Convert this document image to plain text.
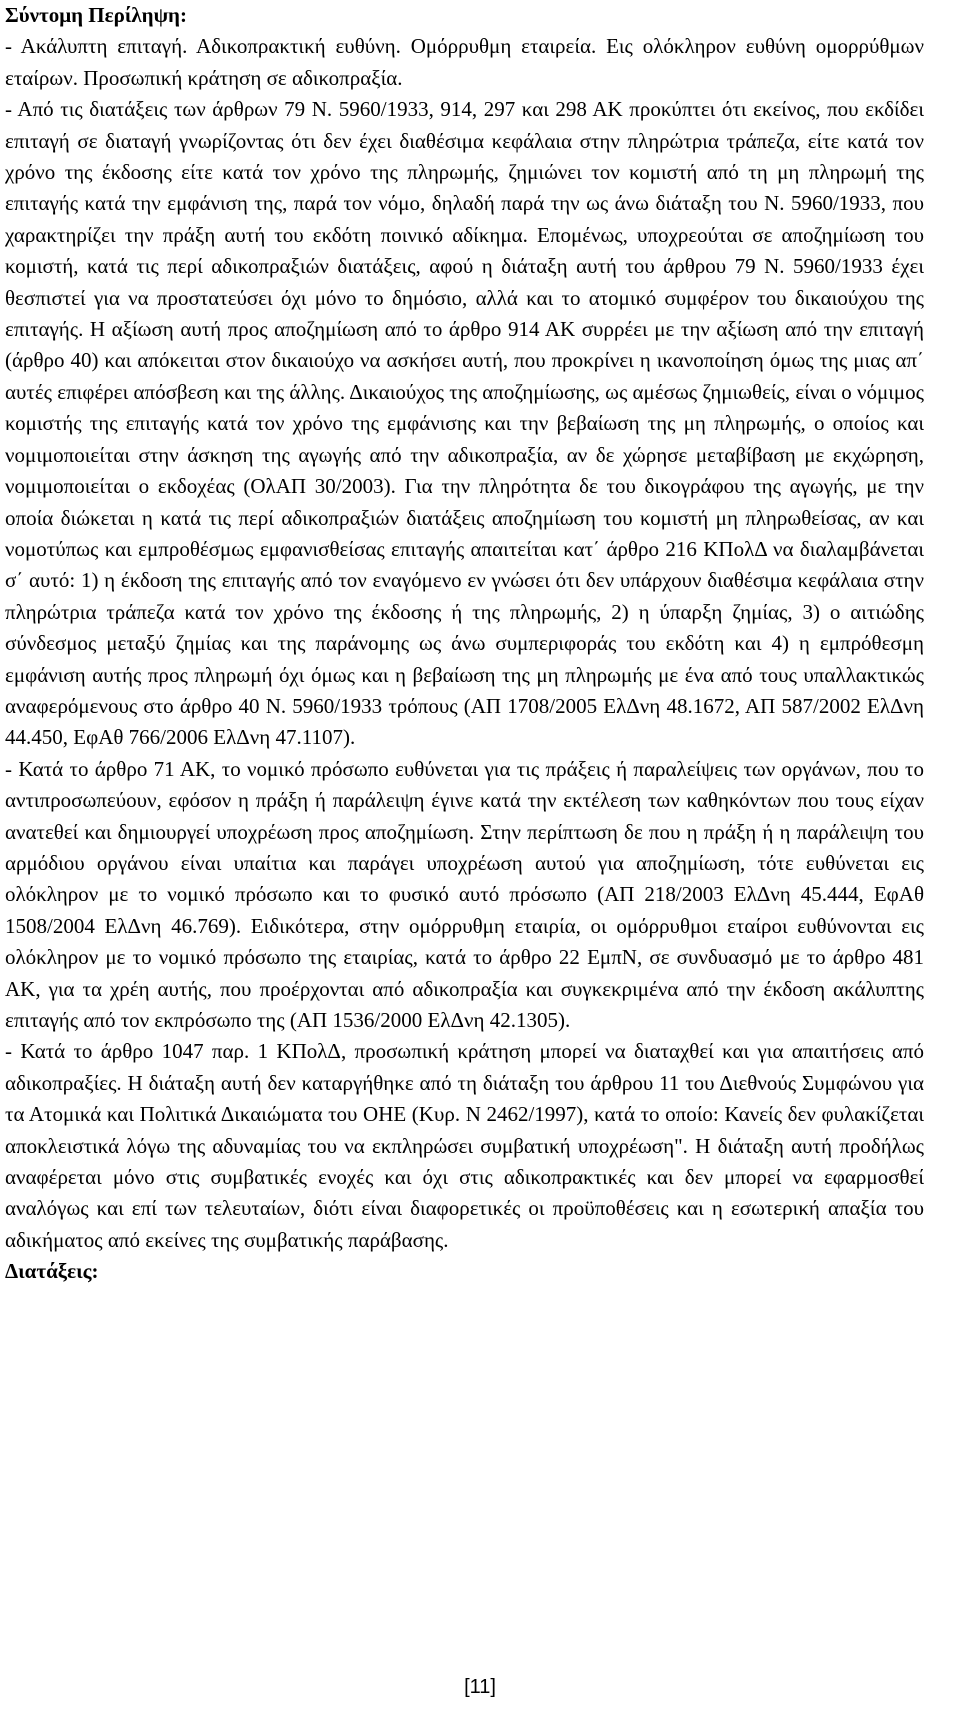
Σύντομη Περίληψη:

- Ακάλυπτη επιταγή. Αδικοπρακτική ευθύνη. Ομόρρυθμη εταιρεία. Εις ολόκληρον ευθύνη ομορρύθμων εταίρων. Προσωπική κράτηση σε αδικοπραξία.

- Από τις διατάξεις των άρθρων 79 Ν. 5960/1933, 914, 297 και 298 ΑΚ προκύπτει ότι εκείνος, που εκδίδει επιταγή σε διαταγή γνωρίζοντας ότι δεν έχει διαθέσιμα κεφάλαια στην πληρώτρια τράπεζα, είτε κατά τον χρόνο της έκδοσης είτε κατά τον χρόνο της πληρωμής, ζημιώνει τον κομιστή από τη μη πληρωμή της επιταγής κατά την εμφάνιση της, παρά τον νόμο, δηλαδή παρά την ως άνω διάταξη του Ν. 5960/1933, που χαρακτηρίζει την πράξη αυτή του εκδότη ποινικό αδίκημα. Επομένως, υποχρεούται σε αποζημίωση του κομιστή, κατά τις περί αδικοπραξιών διατάξεις, αφού η διάταξη αυτή του άρθρου 79 Ν. 5960/1933 έχει θεσπιστεί για να προστατεύσει όχι μόνο το δημόσιο, αλλά και το ατομικό συμφέρον του δικαιούχου της επιταγής. Η αξίωση αυτή προς αποζημίωση από το άρθρο 914 ΑΚ συρρέει με την αξίωση από την επιταγή (άρθρο 40) και απόκειται στον δικαιούχο να ασκήσει αυτή, που προκρίνει η ικανοποίηση όμως της μιας απ΄ αυτές επιφέρει απόσβεση και της άλλης. Δικαιούχος της αποζημίωσης, ως αμέσως ζημιωθείς, είναι ο νόμιμος κομιστής της επιταγής κατά τον χρόνο της εμφάνισης και την βεβαίωση της μη πληρωμής, ο οποίος και νομιμοποιείται στην άσκηση της αγωγής από την αδικοπραξία, αν δε χώρησε μεταβίβαση με εκχώρηση, νομιμοποιείται ο εκδοχέας (ΟλΑΠ 30/2003). Για την πληρότητα δε του δικογράφου της αγωγής, με την οποία διώκεται η κατά τις περί αδικοπραξιών διατάξεις αποζημίωση του κομιστή μη πληρωθείσας, αν και νομοτύπως και εμπροθέσμως εμφανισθείσας επιταγής απαιτείται κατ΄ άρθρο 216 ΚΠολΔ να διαλαμβάνεται σ΄ αυτό: 1) η έκδοση της επιταγής από τον εναγόμενο εν γνώσει ότι δεν υπάρχουν διαθέσιμα κεφάλαια στην πληρώτρια τράπεζα κατά τον χρόνο της έκδοσης ή της πληρωμής, 2) η ύπαρξη ζημίας, 3) ο αιτιώδης σύνδεσμος μεταξύ ζημίας και της παράνομης ως άνω συμπεριφοράς του εκδότη και 4) η εμπρόθεσμη εμφάνιση αυτής προς πληρωμή όχι όμως και η βεβαίωση της μη πληρωμής με ένα από τους υπαλλακτικώς αναφερόμενους στο άρθρο 40 Ν. 5960/1933 τρόπους (ΑΠ 1708/2005 ΕλΔνη 48.1672, ΑΠ 587/2002 ΕλΔνη 44.450, ΕφΑθ 766/2006 ΕλΔνη 47.1107).

- Κατά το άρθρο 71 ΑΚ, το νομικό πρόσωπο ευθύνεται για τις πράξεις ή παραλείψεις των οργάνων, που το αντιπροσωπεύουν, εφόσον η πράξη ή παράλειψη έγινε κατά την εκτέλεση των καθηκόντων που τους είχαν ανατεθεί και δημιουργεί υποχρέωση προς αποζημίωση. Στην περίπτωση δε που η πράξη ή η παράλειψη του αρμόδιου οργάνου είναι υπαίτια και παράγει υποχρέωση αυτού για αποζημίωση, τότε ευθύνεται εις ολόκληρον με το νομικό πρόσωπο και το φυσικό αυτό πρόσωπο (ΑΠ 218/2003 ΕλΔνη 45.444, ΕφΑθ 1508/2004 ΕλΔνη 46.769). Ειδικότερα, στην ομόρρυθμη εταιρία, οι ομόρρυθμοι εταίροι ευθύνονται εις ολόκληρον με το νομικό πρόσωπο της εταιρίας, κατά το άρθρο 22 ΕμπΝ, σε συνδυασμό με το άρθρο 481 ΑΚ, για τα χρέη αυτής, που προέρχονται από αδικοπραξία και συγκεκριμένα από την έκδοση ακάλυπτης επιταγής από τον εκπρόσωπο της (ΑΠ 1536/2000 ΕλΔνη 42.1305).

- Κατά το άρθρο 1047 παρ. 1 ΚΠολΔ, προσωπική κράτηση μπορεί να διαταχθεί και για απαιτήσεις από αδικοπραξίες. Η διάταξη αυτή δεν καταργήθηκε από τη διάταξη του άρθρου 11 του Διεθνούς Συμφώνου για τα Ατομικά και Πολιτικά Δικαιώματα του ΟΗΕ (Κυρ. Ν 2462/1997), κατά το οποίο: Κανείς δεν φυλακίζεται αποκλειστικά λόγω της αδυναμίας του να εκπληρώσει συμβατική υποχρέωση". Η διάταξη αυτή προδήλως αναφέρεται μόνο στις συμβατικές ενοχές και όχι στις αδικοπρακτικές και δεν μπορεί να εφαρμοσθεί αναλόγως και επί των τελευταίων, διότι είναι διαφορετικές οι προϋποθέσεις και η εσωτερική απαξία του αδικήματος από εκείνες της συμβατικής παράβασης.

Διατάξεις:

[11]
